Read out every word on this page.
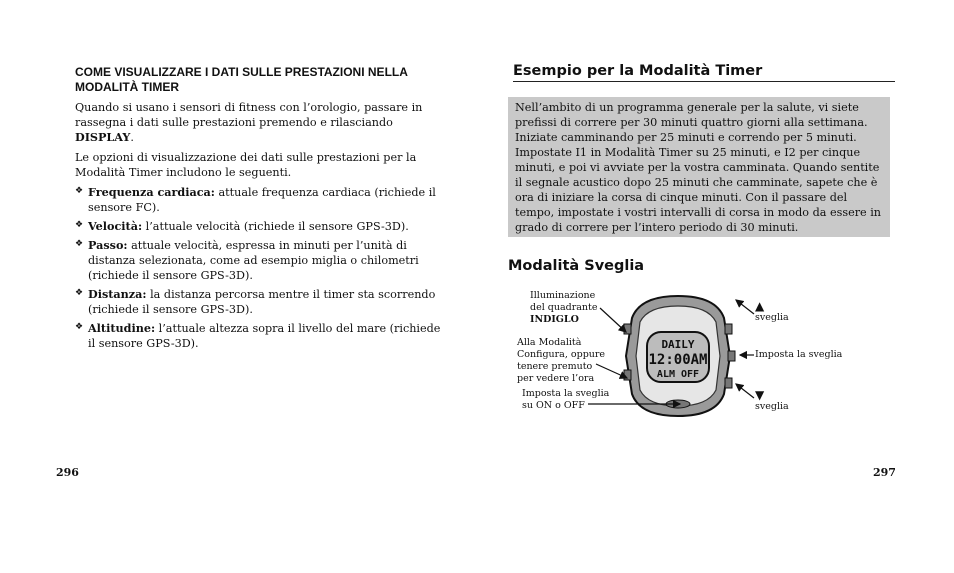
COME VISUALIZZARE I DATI SULLE PRESTAZIONI NELLA MODALITÀ TIMER

Quando si usano i sensori di fitness con l’orologio, passare in rassegna i dati sulle prestazioni premendo e rilasciando DISPLAY.

Le opzioni di visualizzazione dei dati sulle prestazioni per la Modalità Timer includono le seguenti.

❖ Frequenza cardiaca: attuale frequenza cardiaca (richiede il sensore FC).
❖ Velocità: l’attuale velocità (richiede il sensore GPS-3D).
❖ Passo: attuale velocità, espressa in minuti per l’unità di distanza selezionata, come ad esempio miglia o chilometri (richiede il sensore GPS-3D).
❖ Distanza: la distanza percorsa mentre il timer sta scorrendo (richiede il sensore GPS-3D).
❖ Altitudine: l’attuale altezza sopra il livello del mare (richiede il sensore GPS-3D).
296
Esempio per la Modalità Timer
Nell’ambito di un programma generale per la salute, vi siete prefissi di correre per 30 minuti quattro giorni alla settimana. Iniziate camminando per 25 minuti e correndo per 5 minuti. Impostate I1 in Modalità Timer su 25 minuti, e I2 per cinque minuti, e poi vi avviate per la vostra camminata. Quando sentite il segnale acustico dopo 25 minuti che camminate, sapete che è ora di iniziare la corsa di cinque minuti. Con il passare del tempo, impostate i vostri intervalli di corsa in modo da essere in grado di correre per l’intero periodo di 30 minuti.
Modalità Sveglia
DAILY
12:00AM
ALM OFF
Illuminazione
del quadrante
INDIGLO
Alla Modalità
Configura, oppure
tenere premuto
per vedere l’ora
Imposta la sveglia
su ON o OFF
▲
sveglia
Imposta la sveglia
▼
sveglia
297
